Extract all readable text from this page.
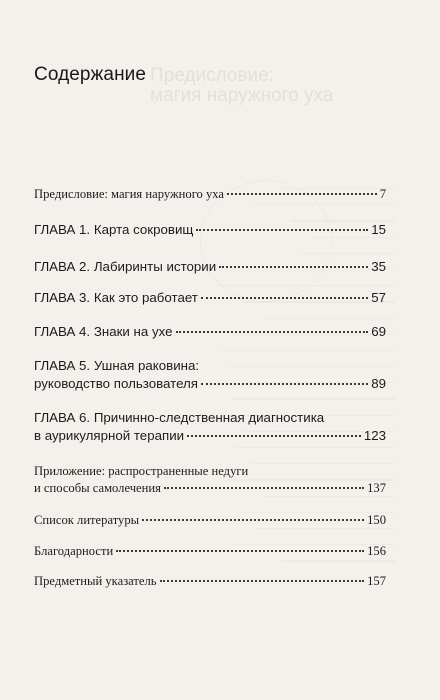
Предисловие:
магия наружного уха
Содержание
Предисловие: магия наружного уха	7
ГЛАВА 1. Карта сокровищ	15
ГЛАВА 2. Лабиринты истории	35
ГЛАВА 3. Как это работает	57
ГЛАВА 4. Знаки на ухе	69
ГЛАВА 5. Ушная раковина:
руководство пользователя	89
ГЛАВА 6. Причинно-следственная диагностика
в аурикулярной терапии	123
Приложение: распространенные недуги
и способы самолечения	137
Список литературы	150
Благодарности	156
Предметный указатель	157
